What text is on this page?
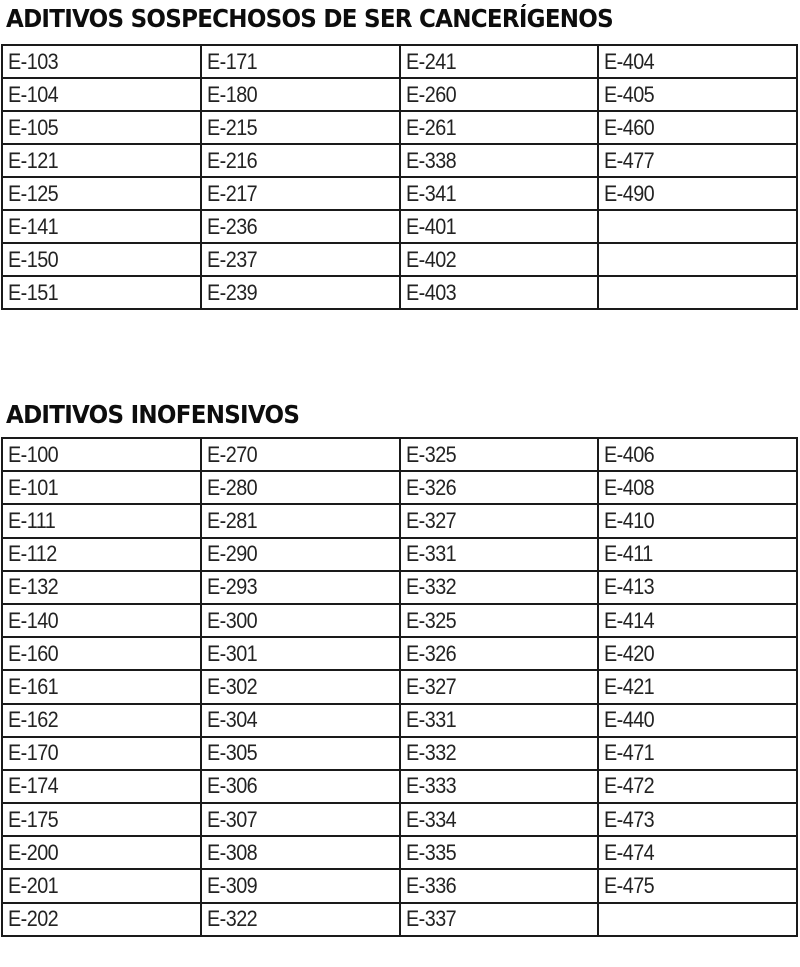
ADITIVOS SOSPECHOSOS DE SER CANCERÍGENOS
E-103	E-171	E-241	E-404
E-104	E-180	E-260	E-405
E-105	E-215	E-261	E-460
E-121	E-216	E-338	E-477
E-125	E-217	E-341	E-490
E-141	E-236	E-401	
E-150	E-237	E-402	
E-151	E-239	E-403	
ADITIVOS INOFENSIVOS
E-100	E-270	E-325	E-406
E-101	E-280	E-326	E-408
E-111	E-281	E-327	E-410
E-112	E-290	E-331	E-411
E-132	E-293	E-332	E-413
E-140	E-300	E-325	E-414
E-160	E-301	E-326	E-420
E-161	E-302	E-327	E-421
E-162	E-304	E-331	E-440
E-170	E-305	E-332	E-471
E-174	E-306	E-333	E-472
E-175	E-307	E-334	E-473
E-200	E-308	E-335	E-474
E-201	E-309	E-336	E-475
E-202	E-322	E-337	
